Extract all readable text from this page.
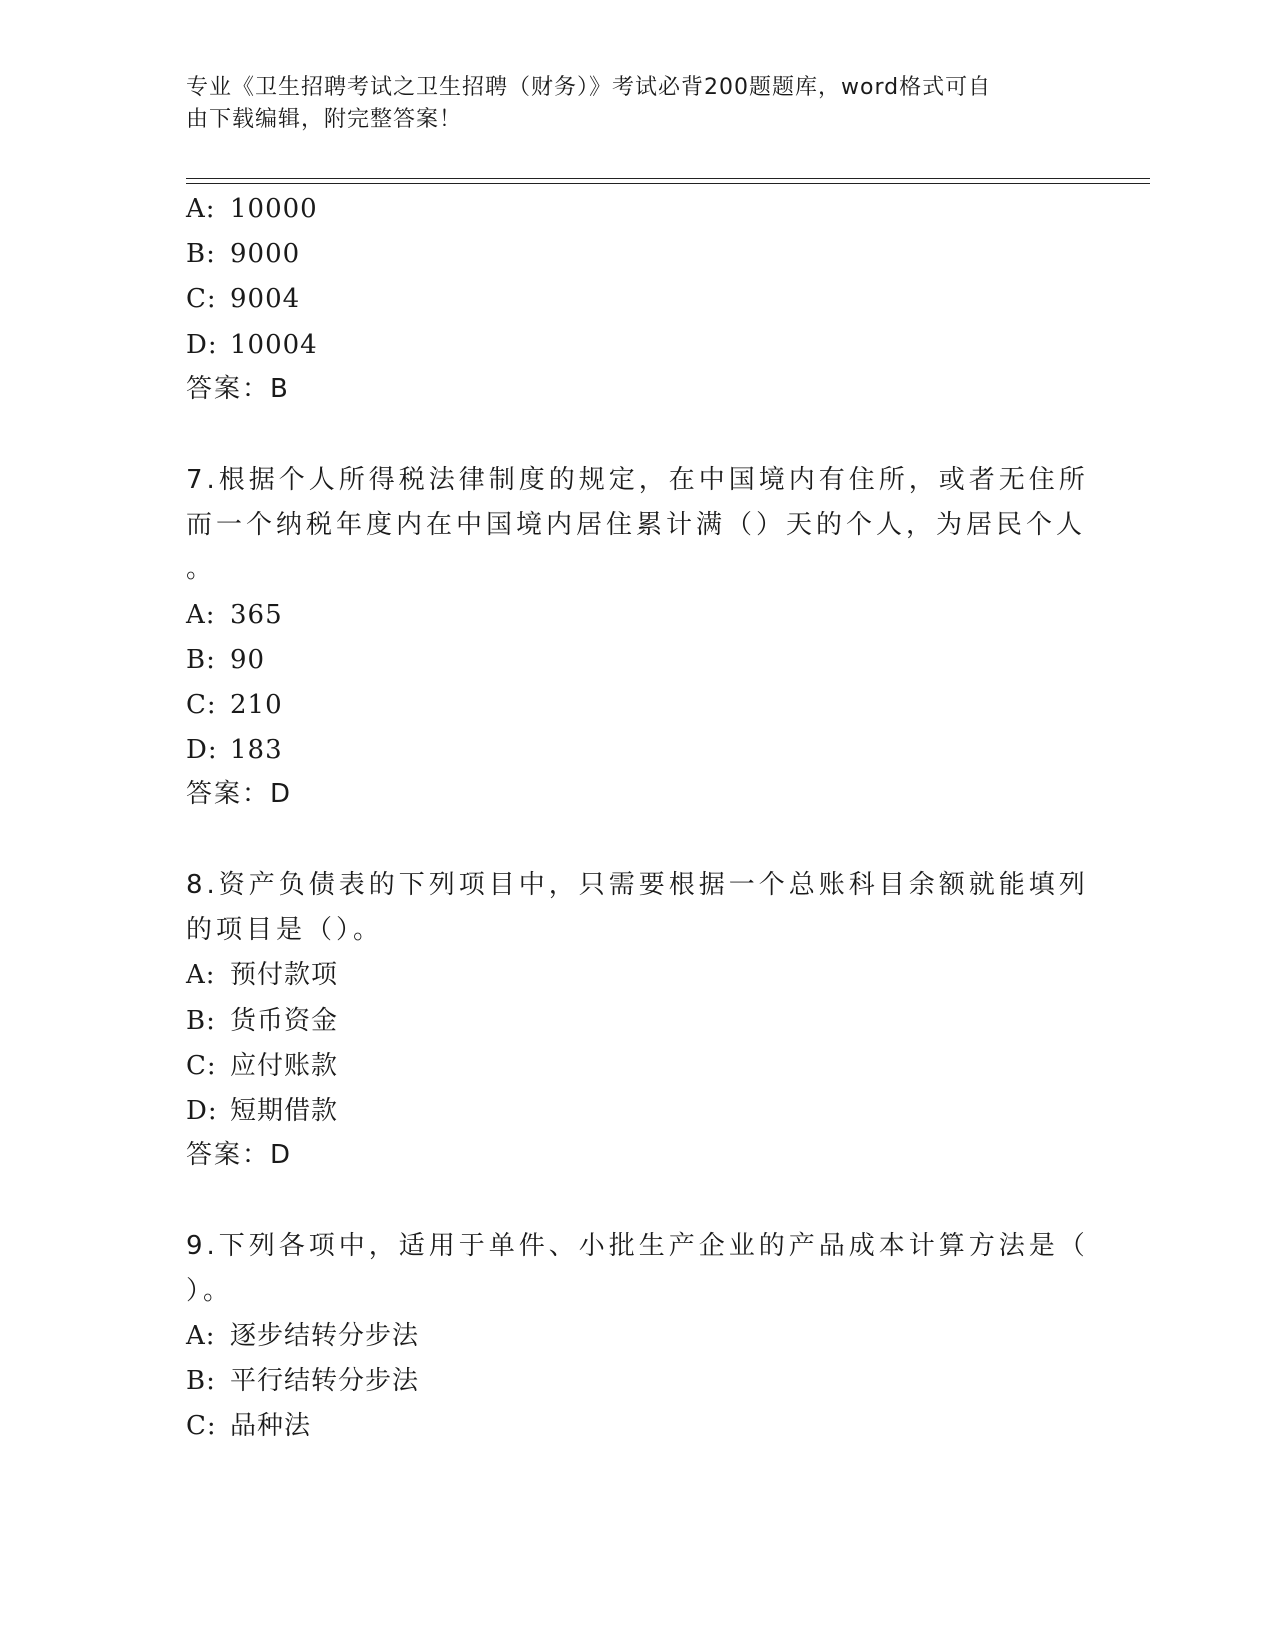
专业《卫生招聘考试之卫生招聘（财务）》考试必背200题题库，word格式可自
由下载编辑，附完整答案！
A: 10000
B: 9000
C: 9004
D: 10004
答案：B
7.根据个人所得税法律制度的规定，在中国境内有住所，或者无住所
而一个纳税年度内在中国境内居住累计满（）天的个人，为居民个人
。
A: 365
B: 90
C: 210
D: 183
答案：D
8.资产负债表的下列项目中，只需要根据一个总账科目余额就能填列
的项目是（）。
A: 预付款项
B: 货币资金
C: 应付账款
D: 短期借款
答案：D
9.下列各项中，适用于单件、小批生产企业的产品成本计算方法是（
）。
A: 逐步结转分步法
B: 平行结转分步法
C: 品种法
